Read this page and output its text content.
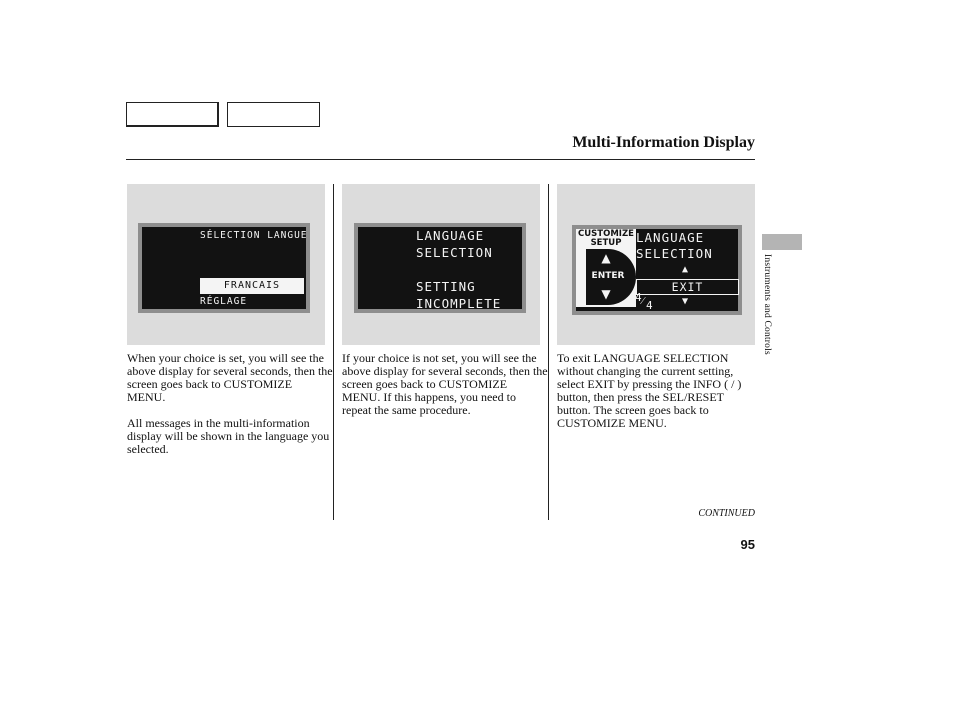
Multi-Information Display
SÉLECTION LANGUE
FRANCAIS
RÉGLAGE
LANGUAGE
SELECTION
SETTING
INCOMPLETE
CUSTOMIZE
SETUP
▲
ENTER
▼
LANGUAGE
SELECTION
▲
EXIT
▼
4 ⁄ 4

When your choice is set, you will see the above display for several seconds, then the screen goes back to CUSTOMIZE MENU.

All messages in the multi-information display will be shown in the language you selected.

If your choice is not set, you will see the above display for several seconds, then the screen goes back to CUSTOMIZE MENU. If this happens, you need to repeat the same procedure.

To exit LANGUAGE SELECTION without changing the current setting, select EXIT by pressing the INFO ( / ) button, then press the SEL/RESET button. The screen goes back to CUSTOMIZE MENU.

CONTINUED
95
Instruments and Controls
